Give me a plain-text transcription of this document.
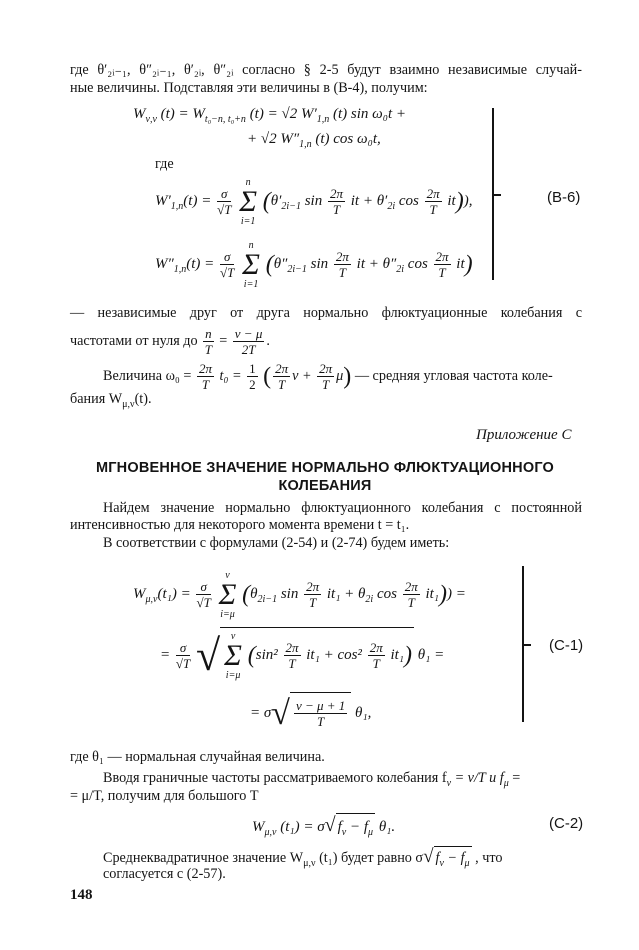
где θ′₂ᵢ₋₁, θ″₂ᵢ₋₁, θ′₂ᵢ, θ″₂ᵢ согласно § 2-5 будут взаимно независимые случай-
ные величины. Подставляя эти величины в (В-4), получим:
$W_{\nu,\nu}$ $(t) = W_{t_0-n, t_0+n}$ (t) = √2 $W'_{1,n}$ (t) sin ω₀t +
+ √2 $W''_{1,n}$ (t) cos ω₀t,
где
$W'_{1,n}(t) = \frac{\sigma}{√T}$

n
Σ
i=1
($\theta'_{2i-1}$ $\sin \frac{2\pi}{T}$ it + $\theta'_{2i}$ $\cos \frac{2\pi}{T} it$)),
$W''_{1,n}(t) = \frac{\sigma}{√T}$

n
Σ
i=1
($\theta''_{2i-1}$ $\sin \frac{2\pi}{T}$ it + $\theta''_{2i}$ $\cos \frac{2\pi}{T} it$)
(В-6)
— независимые друг от друга нормально флюктуационные колебания с
частотами от нуля до $\frac{n}{T} = \frac{\nu - \mu}{2T}$ .
Величина $\omega_0 = \frac{2\pi}{T} t_0 = \frac{1}{2}$ ( $\frac{2\pi}{T}$ $\nu + \frac{2\pi}{T} \mu$) — средняя угловая частота коле-
бания $W_{\mu,\nu}(t)$.
Приложение С
МГНОВЕННОЕ ЗНАЧЕНИЕ НОРМАЛЬНО ФЛЮКТУАЦИОННОГО
КОЛЕБАНИЯ
Найдем значение нормально флюктуационного колебания с постоянной
интенсивностью для некоторого момента времени t = t₁.
В соответствии с формулами (2-54) и (2-74) будем иметь:
$W_{\mu,\nu}(t_1) = \frac{\sigma}{√T}$

ν
Σ
i=μ
($\theta_{2i-1}$ $\sin \frac{2\pi}{T} it_1 + \theta_{2i}$ $\cos \frac{2\pi}{T} it_1$)) =
= $\frac{\sigma}{√T}$ √	ν
Σ
i=μ
$(\sin^2 \frac{2\pi}{T} it_1 + \cos^2 \frac{2\pi}{T} it_1)$ θ₁ =
= $\sigma√ \frac{\nu - \mu + 1}{T} \theta_1$,
(С-1)
где θ₁ — нормальная случайная величина.
Вводя граничные частоты рассматриваемого колебания $f_\nu = \nu/T$ и $f_\mu$ =
= μ/T, получим для большого T
$W_{\mu,\nu}$ (t₁) = σ√ $f_\nu - f_\mu$ θ₁.	(С-2)
Среднеквадратичное значение $W_{\mu,\nu}$ (t₁) будет равно σ√ $f_\nu - f_\mu$ , что
согласуется с (2-57).
148
